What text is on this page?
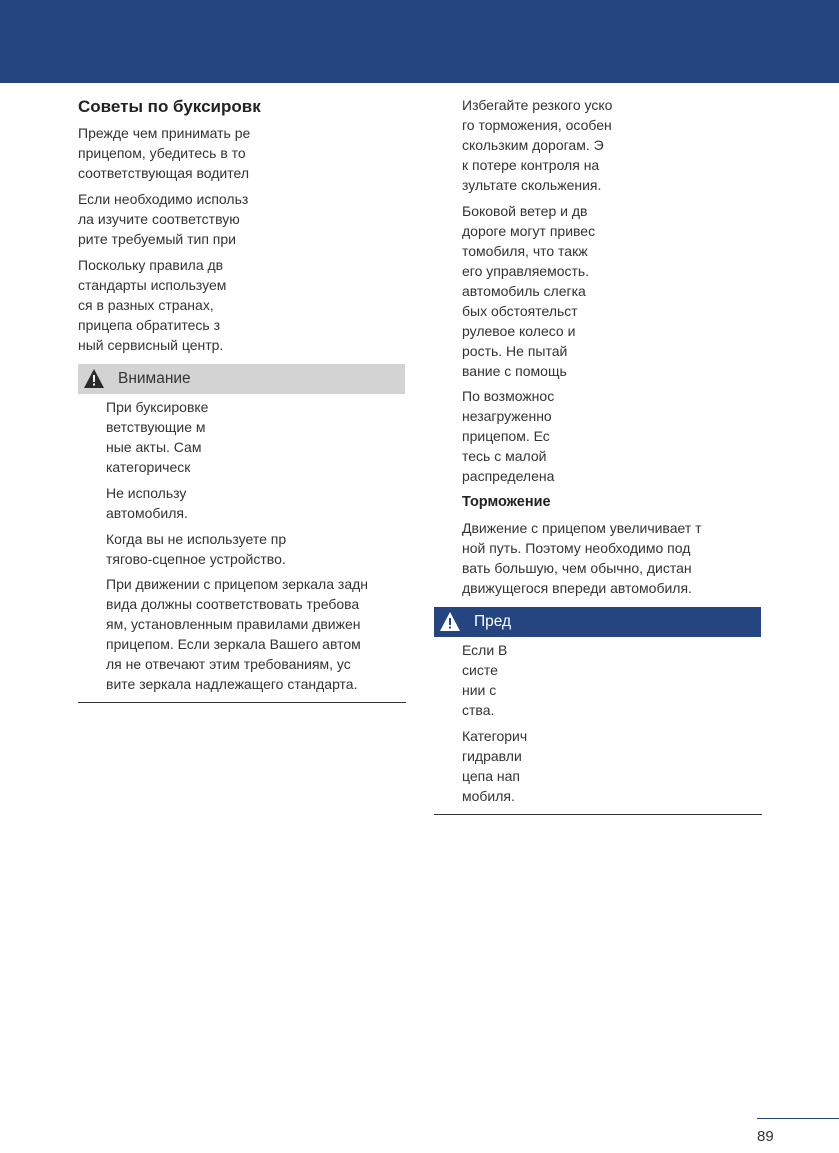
Советы по буксировк
Прежде чем принимать ре
прицепом, убедитесь в то
соответствующая водител
Если необходимо использ
ла изучите соответствую
рите требуемый тип при
Поскольку правила дв
стандарты используем
ся в разных странах,
прицепа обратитесь з
ный сервисный центр.
Внимание
При буксировке
ветствующие м
ные акты. Сам
категорическ
Не использу
автомобиля.
Когда вы не используете пр
тягово-сцепное устройство.
При движении с прицепом зеркала задн
вида должны соответствовать требова
ям, установленным правилами движен
прицепом. Если зеркала Вашего автом
ля не отвечают этим требованиям, ус
вите зеркала надлежащего стандарта.
Избегайте резкого уско
го торможения, особен
скользким дорогам. Э
к потере контроля на
зультате скольжения.
Боковой ветер и дв
дороге могут привес
томобиля, что такж
его управляемость.
автомобиль слегка
бых обстоятельст
рулевое колесо и
рость. Не пытай
вание с помощь
По возможнос
незагруженно
прицепом. Ес
тесь с малой
распределена
Торможение
Движение с прицепом увеличивает т
ной путь. Поэтому необходимо под
вать большую, чем обычно, дистан
движущегося впереди автомобиля.
Пред
Если В
систе
нии с
ства.
Категорич
гидравли
цепа нап
мобиля.
89
